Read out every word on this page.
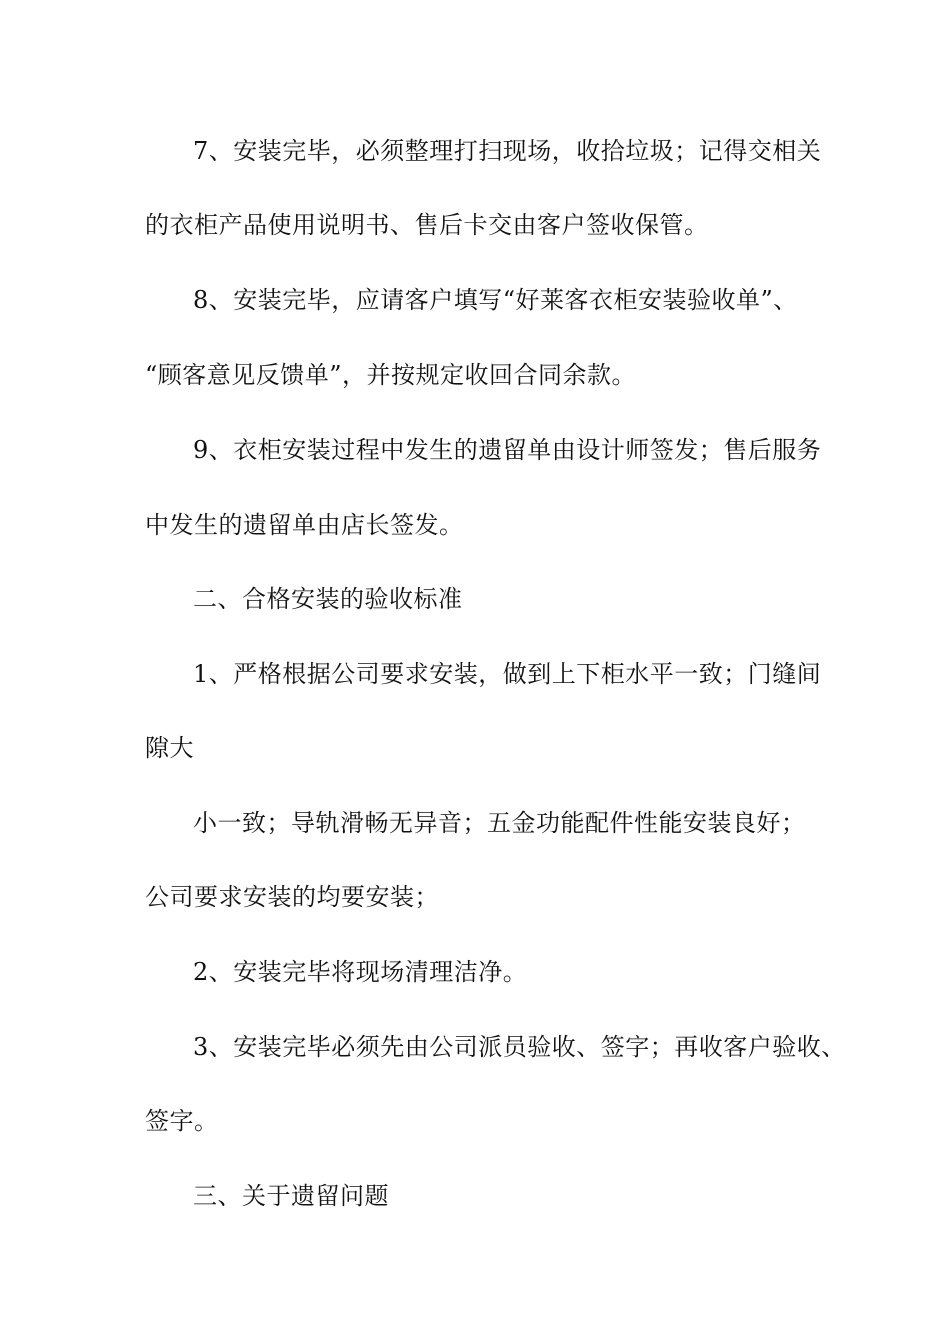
7、安装完毕，必须整理打扫现场，收拾垃圾；记得交相关
的衣柜产品使用说明书、售后卡交由客户签收保管。
8、安装完毕，应请客户填写“好莱客衣柜安装验收单”、
“顾客意见反馈单”，并按规定收回合同余款。
9、衣柜安装过程中发生的遗留单由设计师签发；售后服务
中发生的遗留单由店长签发。
二、合格安装的验收标准
1、严格根据公司要求安装，做到上下柜水平一致；门缝间
隙大
小一致；导轨滑畅无异音；五金功能配件性能安装良好；
公司要求安装的均要安装；
2、安装完毕将现场清理洁净。
3、安装完毕必须先由公司派员验收、签字；再收客户验收、
签字。
三、关于遗留问题
